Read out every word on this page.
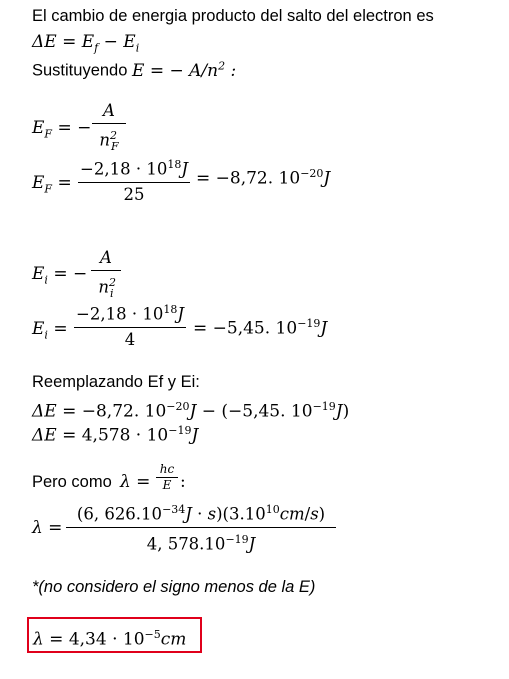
El cambio de energia producto del salto del electron es
$\Delta E = E_f - E_i$
Sustituyendo E = − $A/n^2$ :
$E_F$ = −
A
$n^2_F$
$E_F$ =
$-2,18 \cdot 10^{18}J$
25
= −8,72. $10^{-20}J$
$E_i$ = −
A
$n^2_i$
$E_i$ =
$-2,18 \cdot 10^{18}J$
4
= −5,45. $10^{-19}J$
Reemplazando Ef y Ei:
ΔE = −8,72. $10^{-20}J - (-5,45$. $10^{-19}J$)
$\Delta E = 4,578 \cdot 10^{-19}J$
Pero como λ =
hc
E :
λ =
(6, $626.10^{-34}J \cdot s)(3.10^{10}cm/s)$
4, $578.10^{-19}J$
*(no considero el signo menos de la E)
$\lambda = 4,34 \cdot 10^{-5}cm$
